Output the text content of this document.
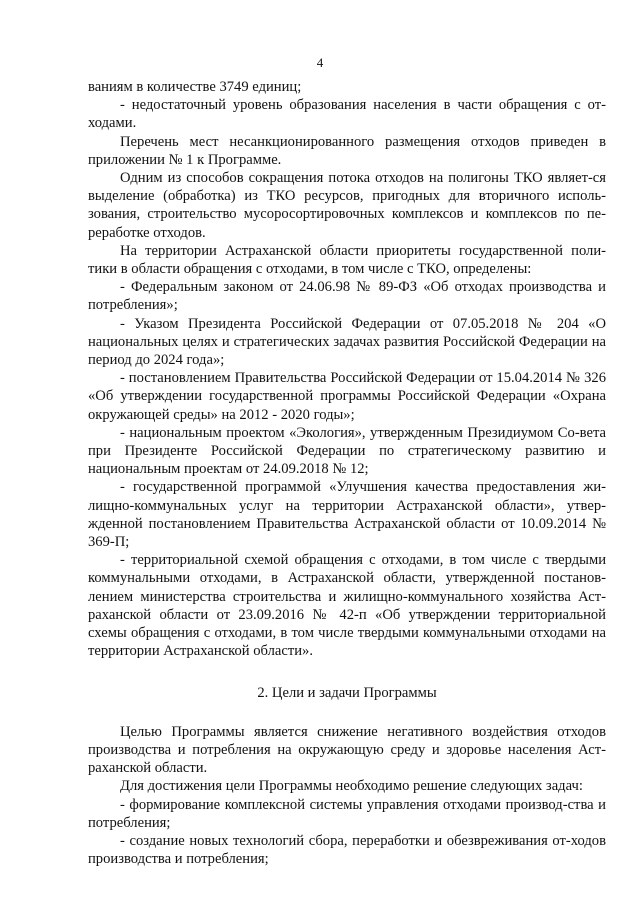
4

ваниям в количестве 3749 единиц;

- недостаточный уровень образования населения в части обращения с от-ходами.

Перечень мест несанкционированного размещения отходов приведен в приложении № 1 к Программе.

Одним из способов сокращения потока отходов на полигоны ТКО являет-ся выделение (обработка) из ТКО ресурсов, пригодных для вторичного исполь-зования, строительство мусоросортировочных комплексов и комплексов по пе-реработке отходов.

На территории Астраханской области приоритеты государственной поли-тики в области обращения с отходами, в том числе с ТКО, определены:

- Федеральным законом от 24.06.98 № 89-ФЗ «Об отходах производства и потребления»;

- Указом Президента Российской Федерации от 07.05.2018 № 204 «О национальных целях и стратегических задачах развития Российской Федерации на период до 2024 года»;

- постановлением Правительства Российской Федерации от 15.04.2014 № 326 «Об утверждении государственной программы Российской Федерации «Охрана окружающей среды» на 2012 - 2020 годы»;

- национальным проектом «Экология», утвержденным Президиумом Со-вета при Президенте Российской Федерации по стратегическому развитию и национальным проектам от 24.09.2018 № 12;

- государственной программой «Улучшения качества предоставления жи-лищно-коммунальных услуг на территории Астраханской области», утвер-жденной постановлением Правительства Астраханской области от 10.09.2014 № 369-П;

- территориальной схемой обращения с отходами, в том числе с твердыми коммунальными отходами, в Астраханской области, утвержденной постанов-лением министерства строительства и жилищно-коммунального хозяйства Аст-раханской области от 23.09.2016 № 42-п «Об утверждении территориальной схемы обращения с отходами, в том числе твердыми коммунальными отходами на территории Астраханской области».

2. Цели и задачи Программы

Целью Программы является снижение негативного воздействия отходов производства и потребления на окружающую среду и здоровье населения Аст-раханской области.

Для достижения цели Программы необходимо решение следующих задач:

- формирование комплексной системы управления отходами производ-ства и потребления;

- создание новых технологий сбора, переработки и обезвреживания от-ходов производства и потребления;
